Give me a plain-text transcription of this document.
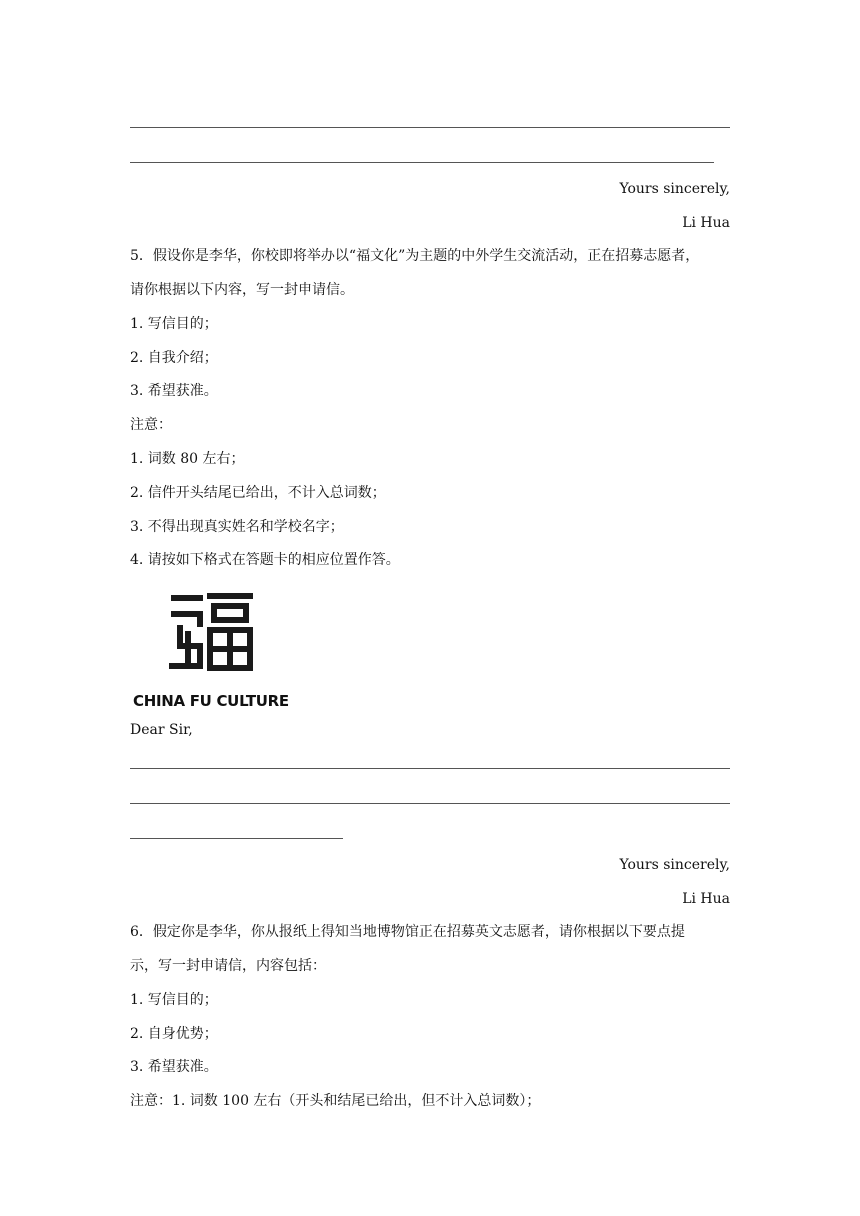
Yours sincerely,
Li Hua
5．假设你是李华，你校即将举办以“福文化”为主题的中外学生交流活动，正在招募志愿者，
请你根据以下内容，写一封申请信。
1. 写信目的；
2. 自我介绍；
3. 希望获准。
注意：
1. 词数 80 左右；
2. 信件开头结尾已给出，不计入总词数；
3. 不得出现真实姓名和学校名字；
4. 请按如下格式在答题卡的相应位置作答。
CHINA FU CULTURE
Dear Sir,
Yours sincerely,
Li Hua
6．假定你是李华，你从报纸上得知当地博物馆正在招募英文志愿者，请你根据以下要点提
示，写一封申请信，内容包括：
1. 写信目的；
2. 自身优势；
3. 希望获准。
注意：1. 词数 100 左右（开头和结尾已给出，但不计入总词数）；
